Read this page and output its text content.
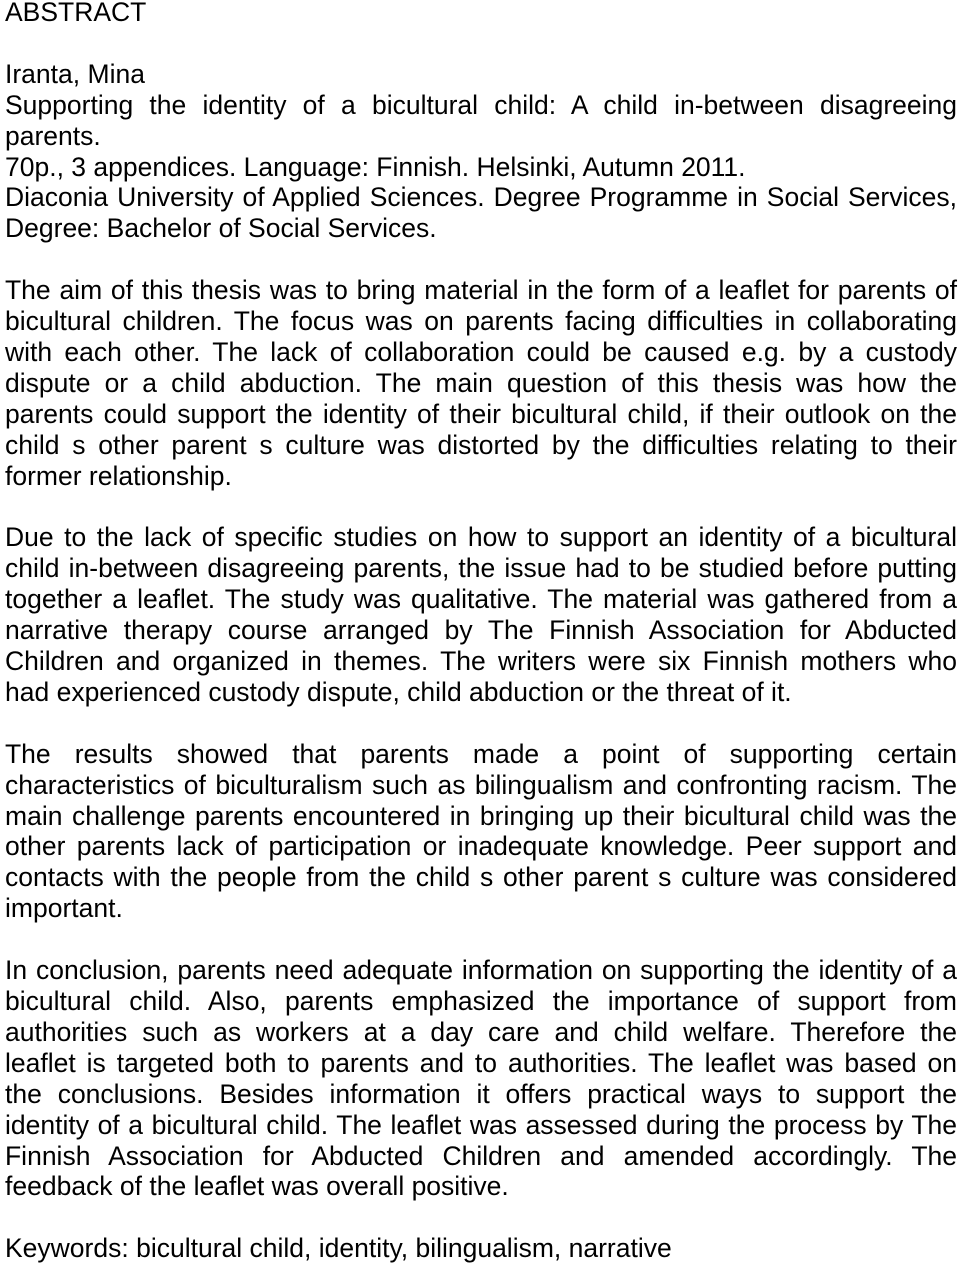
ABSTRACT
Iranta, Mina
Supporting the identity of a bicultural child: A child in-between disagreeing
parents.
70p., 3 appendices. Language: Finnish. Helsinki, Autumn 2011.
Diaconia University of Applied Sciences. Degree Programme in Social Services,
Degree: Bachelor of Social Services.
The aim of this thesis was to bring material in the form of a leaflet for parents of
bicultural children. The focus was on parents facing difficulties in collaborating
with each other. The lack of collaboration could be caused e.g. by a custody
dispute or a child abduction. The main question of this thesis was how the
parents could support the identity of their bicultural child, if their outlook on the
child s other parent s culture was distorted by the difficulties relating to their
former relationship.
Due to the lack of specific studies on how to support an identity of a bicultural
child in-between disagreeing parents, the issue had to be studied before putting
together a leaflet. The study was qualitative. The material was gathered from a
narrative therapy course arranged by The Finnish Association for Abducted
Children and organized in themes. The writers were six Finnish mothers who
had experienced custody dispute, child abduction or the threat of it.
The results showed that parents made a point of supporting certain
characteristics of biculturalism such as bilingualism and confronting racism. The
main challenge parents encountered in bringing up their bicultural child was the
other parents lack of participation or inadequate knowledge. Peer support and
contacts with the people from the child s other parent s culture was considered
important.
In conclusion, parents need adequate information on supporting the identity of a
bicultural child. Also, parents emphasized the importance of support from
authorities such as workers at a day care and child welfare. Therefore the
leaflet is targeted both to parents and to authorities. The leaflet was based on
the conclusions. Besides information it offers practical ways to support the
identity of a bicultural child. The leaflet was assessed during the process by The
Finnish Association for Abducted Children and amended accordingly. The
feedback of the leaflet was overall positive.
Keywords: bicultural child, identity, bilingualism, narrative
